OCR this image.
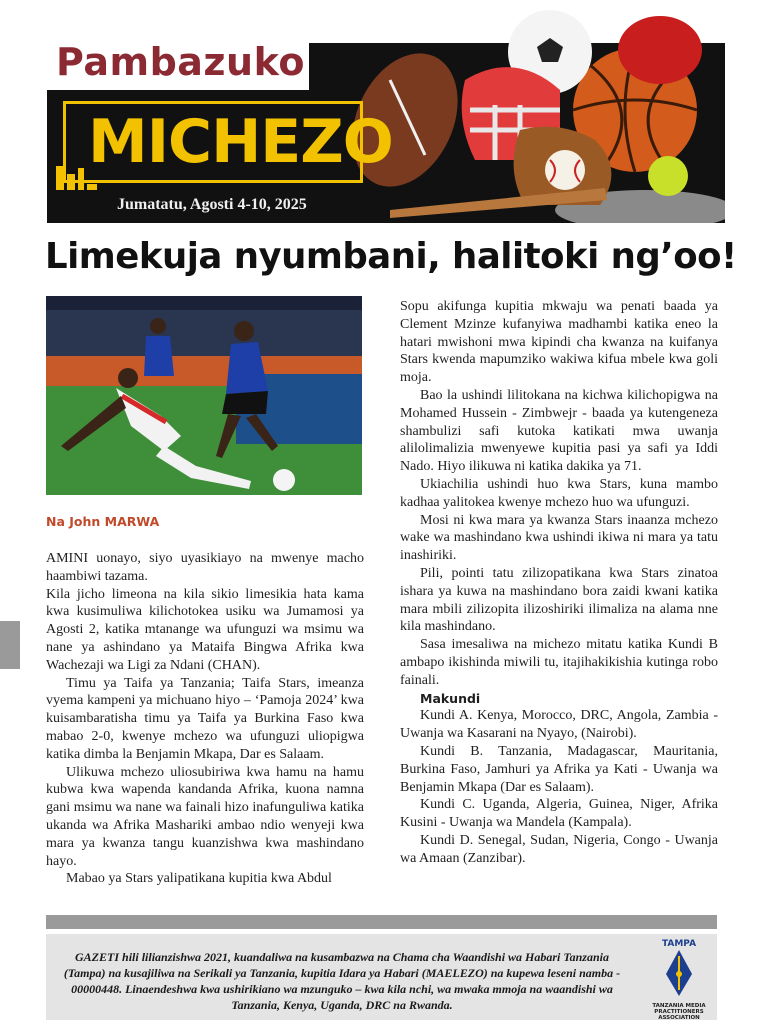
Pambazuko
MICHEZO
Jumatatu, Agosti 4-10, 2025
Limekuja nyumbani, halitoki ng’oo!
Na John MARWA

AMINI uonayo, siyo uyasikiayo na mwenye macho haambiwi tazama.

Kila jicho limeona na kila sikio limesikia hata kama kwa kusimuliwa kilichotokea usiku wa Jumamosi ya Agosti 2, katika mtanange wa ufunguzi wa msimu wa nane ya ashindano ya Mataifa Bingwa Afrika kwa Wachezaji wa Ligi za Ndani (CHAN).

Timu ya Taifa ya Tanzania; Taifa Stars, imeanza vyema kampeni ya michuano hiyo – ‘Pamoja 2024’ kwa kuisambaratisha timu ya Taifa ya Burkina Faso kwa mabao 2-0, kwenye mchezo wa ufunguzi uliopigwa katika dimba la Benjamin Mkapa, Dar es Salaam.

Ulikuwa mchezo uliosubiriwa kwa hamu na hamu kubwa kwa wapenda kandanda Afrika, kuona namna gani msimu wa nane wa fainali hizo inafunguliwa katika ukanda wa Afrika Mashariki ambao ndio wenyeji kwa mara ya kwanza tangu kuanzishwa kwa mashindano hayo.

Mabao ya Stars yalipatikana kupitia kwa Abdul

Sopu akifunga kupitia mkwaju wa penati baada ya Clement Mzinze kufanyiwa madhambi katika eneo la hatari mwishoni mwa kipindi cha kwanza na kuifanya Stars kwenda mapumziko wakiwa kifua mbele kwa goli moja.

Bao la ushindi lilitokana na kichwa kilichopigwa na Mohamed Hussein - Zimbwejr - baada ya kutengeneza shambulizi safi kutoka katikati mwa uwanja alilolimalizia mwenyewe kupitia pasi ya safi ya Iddi Nado. Hiyo ilikuwa ni katika dakika ya 71.

Ukiachilia ushindi huo kwa Stars, kuna mambo kadhaa yalitokea kwenye mchezo huo wa ufunguzi.

Mosi ni kwa mara ya kwanza Stars inaanza mchezo wake wa mashindano kwa ushindi ikiwa ni mara ya tatu inashiriki.

Pili, pointi tatu zilizopatikana kwa Stars zinatoa ishara ya kuwa na mashindano bora zaidi kwani katika mara mbili zilizopita ilizoshiriki ilimaliza na alama nne kila mashindano.

Sasa imesaliwa na michezo mitatu katika Kundi B ambapo ikishinda miwili tu, itajihakikishia kutinga robo fainali.

Makundi

Kundi A. Kenya, Morocco, DRC, Angola, Zambia - Uwanja wa Kasarani na Nyayo, (Nairobi).

Kundi B. Tanzania, Madagascar, Mauritania, Burkina Faso, Jamhuri ya Afrika ya Kati - Uwanja wa Benjamin Mkapa (Dar es Salaam).

Kundi C. Uganda, Algeria, Guinea, Niger, Afrika Kusini - Uwanja wa Mandela (Kampala).

Kundi D. Senegal, Sudan, Nigeria, Congo - Uwanja wa Amaan (Zanzibar).

GAZETI hili lilianzishwa 2021, kuandaliwa na kusambazwa na Chama cha Waandishi wa Habari Tanzania (Tampa) na kusajiliwa na Serikali ya Tanzania, kupitia Idara ya Habari (MAELEZO) na kupewa leseni namba - 00000448. Linaendeshwa kwa ushirikiano wa mzunguko – kwa kila nchi, wa mwaka mmoja na waandishi wa Tanzania, Kenya, Uganda, DRC na Rwanda.
TAMPA
TANZANIA MEDIA PRACTITIONERS ASSOCIATION
